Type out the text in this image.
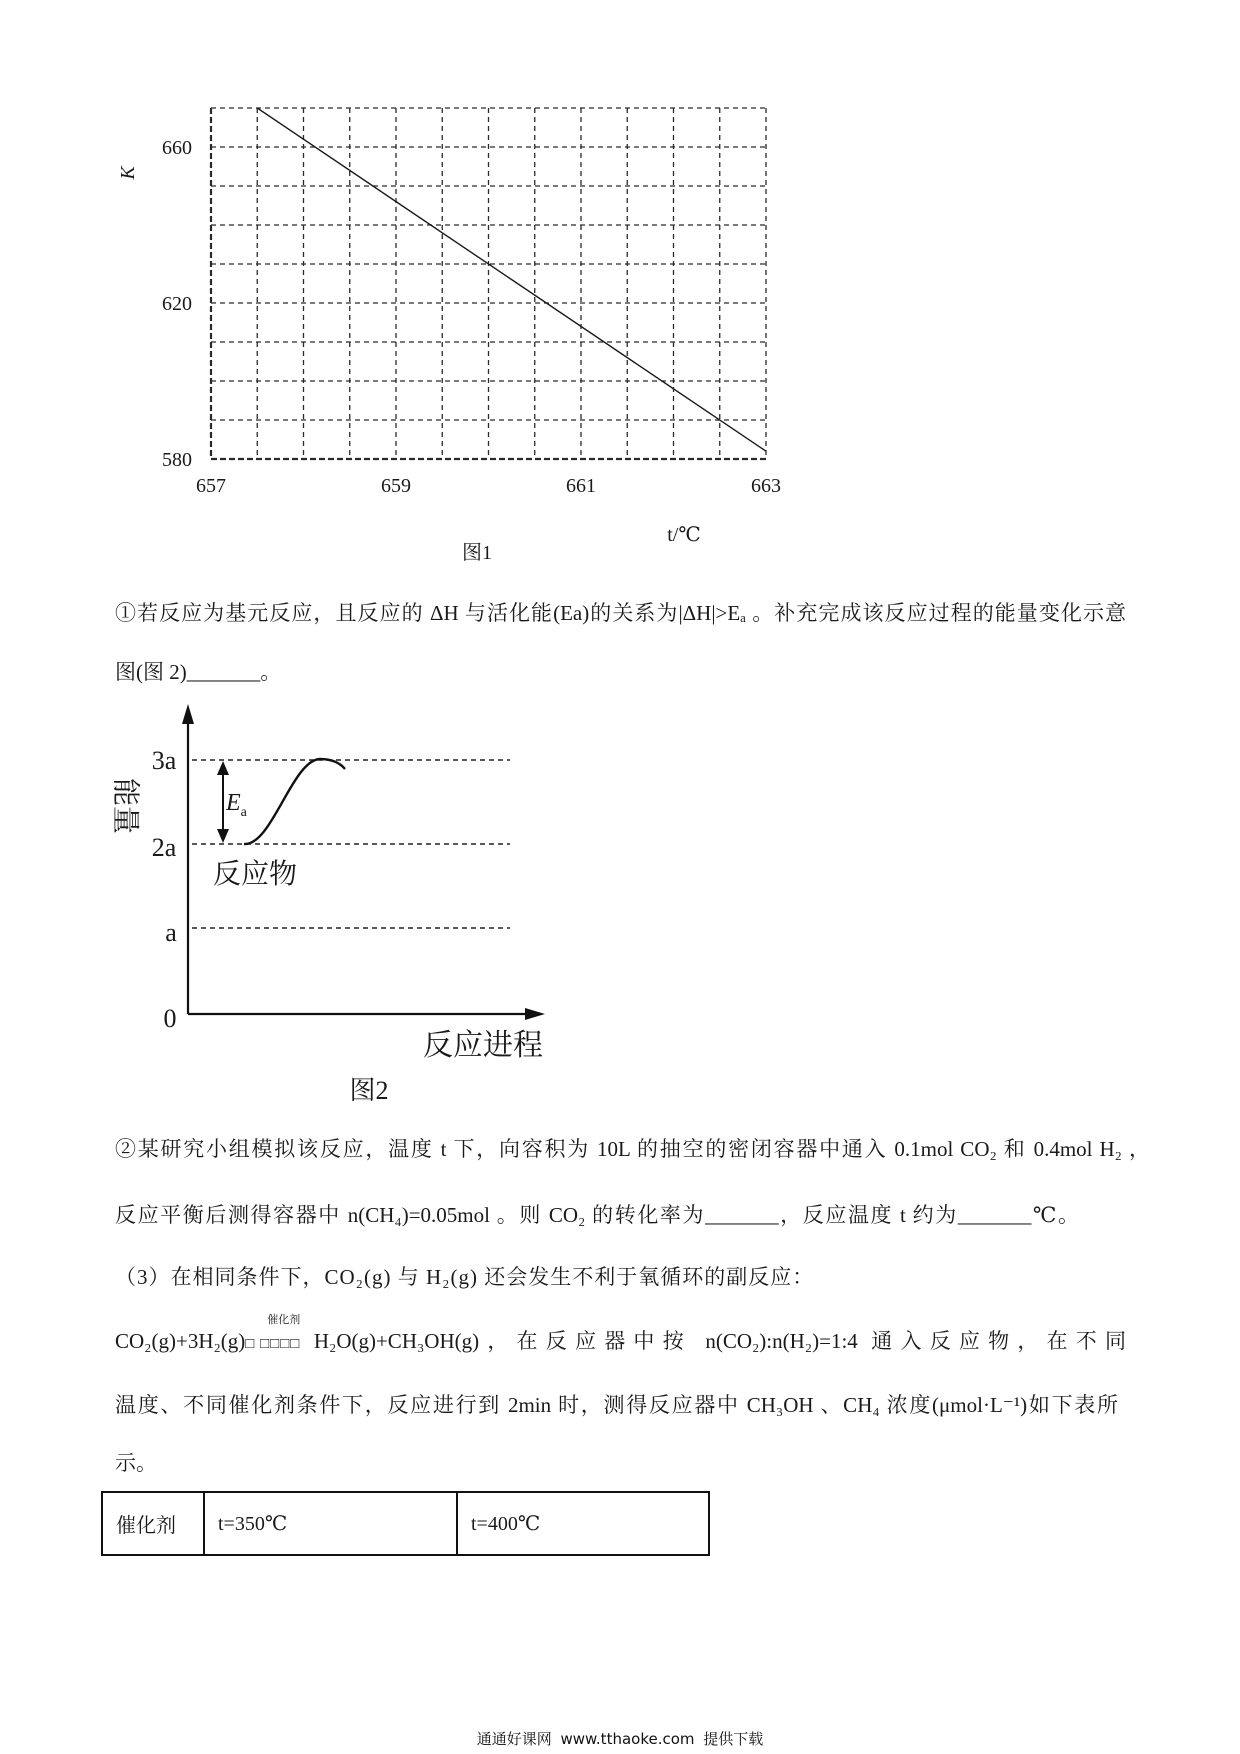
657	659	661	663
580
620
660
K
t/℃
图1
①若反应为基元反应，且反应的 ΔH 与活化能(Ea)的关系为|ΔH|>Eₐ 。补充完成该反应过程的能量变化示意
图(图 2)_______。
3a
2a
a
0
能量	$E_a$
反应物
反应进程
图2
②某研究小组模拟该反应，温度 t 下，向容积为 10L 的抽空的密闭容器中通入 0.1mol CO₂ 和 0.4mol H₂ ，
反应平衡后测得容器中 n(CH₄)=0.05mol 。则 CO₂ 的转化率为_______，反应温度 t 约为_______℃。
（3）在相同条件下，CO₂(g) 与 H₂(g) 还会发生不利于氧循环的副反应：
CO₂(g)+3H₂(g)
催化剂
□ □□□□ H₂O(g)+CH₃OH(g)，在反应器中按 n(CO₂):n(H₂)=1:4 通入反应物，在不同
温度、不同催化剂条件下，反应进行到 2min 时，测得反应器中 CH₃OH 、CH₄ 浓度(μmol·L⁻¹)如下表所
示。
催化剂	t=350℃	t=400℃
通通好课网 www.tthaoke.com 提供下载
